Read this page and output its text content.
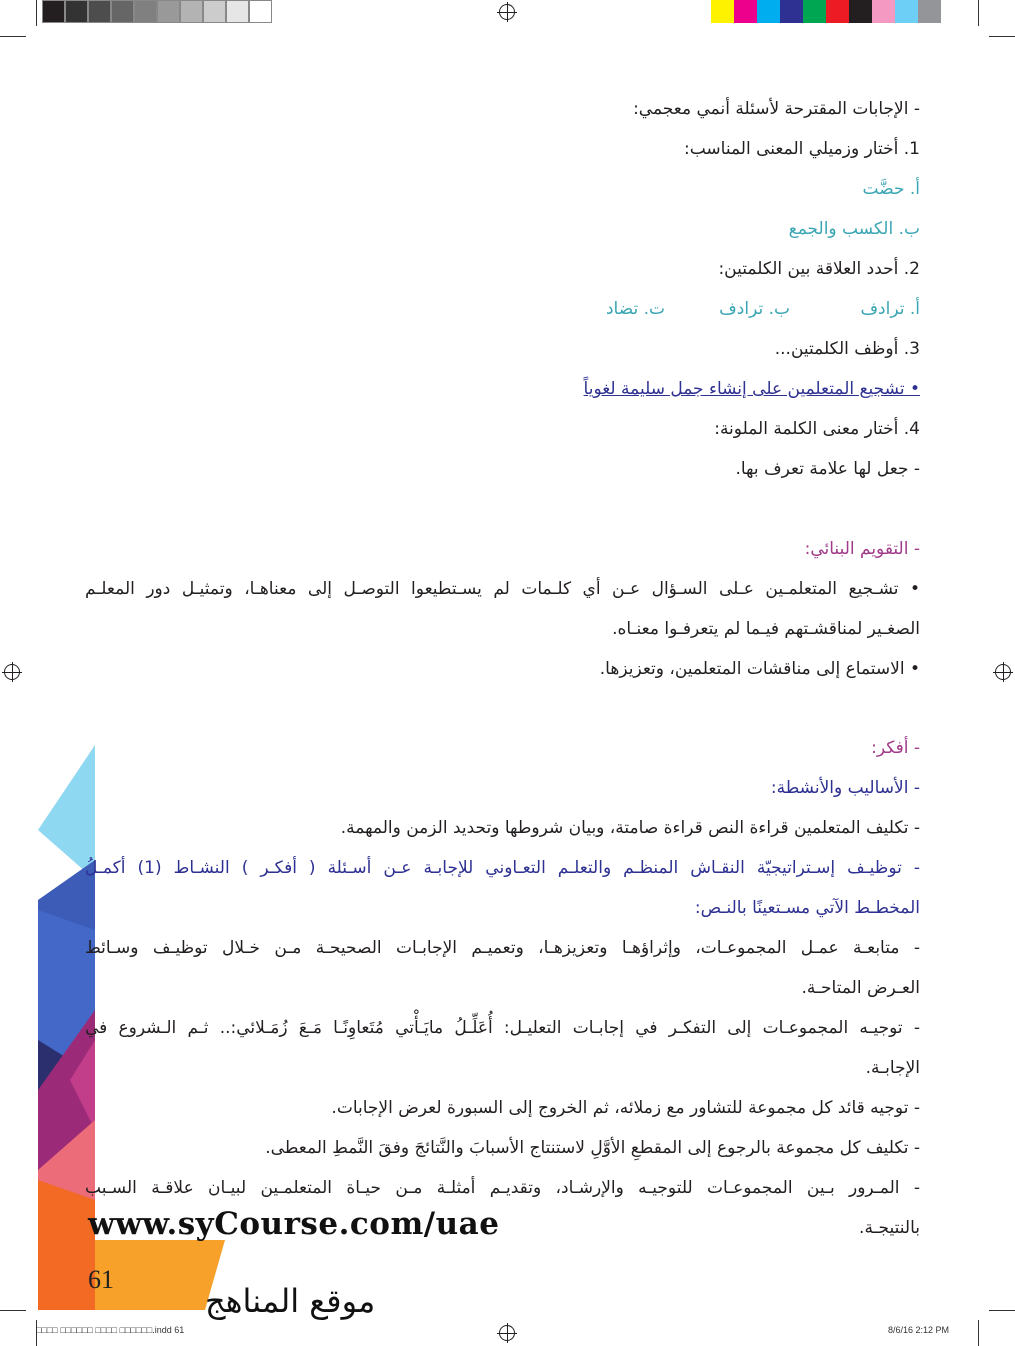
- الإجابات المقترحة لأسئلة أنمي معجمي:
1. أختار وزميلي المعنى المناسب:
أ. حضَّت
ب. الكسب والجمع
2. أحدد العلاقة بين الكلمتين:
أ. ترادف
ب. ترادف
ت. تضاد
3. أوظف الكلمتين...
• تشجيع المتعلمين على إنشاء جمل سليمة لغوياً
4. أختار معنى الكلمة الملونة:
- جعل لها علامة تعرف بها.
- التقويم البنائي:
• تشـجيع المتعلمـين عـلى السـؤال عـن أي كلـمات لم يسـتطيعوا التوصـل إلى معناهـا، وتمثيـل دور المعلـم
الصغـير لمناقشـتهم فيـما لم يتعرفـوا معنـاه.
• الاستماع إلى مناقشات المتعلمين، وتعزيزها.
- أفكر:
- الأساليب والأنشطة:
- تكليف المتعلمين قراءة النص قراءة صامتة، وبيان شروطها وتحديد الزمن والمهمة.
- توظيـف إسـتراتيجيّة النقـاش المنظـم والتعلـم التعـاوني للإجابـة عـن أسـئلة ( أفكـر ) النشـاط (1) أكمـلُ
المخطـط الآتي مسـتعينًا بالنـص:
- متابعـة عمـل المجموعـات، وإثراؤهـا وتعزيزهـا، وتعميـم الإجابـات الصحيحـة مـن خـلال توظيـف وسـائط
العـرض المتاحـة.
- توجيـه المجموعـات إلى التفكـر في إجابـات التعليـل: أُعَلِّـلُ مايَـأْتي مُتَعاوِنًـا مَـعَ زُمَـلائي:.. ثـم الـشروع في
الإجابـة.
- توجيه قائد كل مجموعة للتشاور مع زملائه، ثم الخروج إلى السبورة لعرض الإجابات.
- تكليف كل مجموعة بالرجوع إلى المقطعِ الأوَّلِ لاستنتاج الأسبابَ والنَّتائجَ وفقَ النَّمطِ المعطى.
- المـرور بـين المجموعـات للتوجيـه والإرشـاد، وتقديـم أمثلـة مـن حيـاة المتعلمـين لبيـان علاقـة السـبب
بالنتيجـة.
www.syCourse.com/uae
61
موقع المناهج
□□□□ □□□□□□ □□□□ □□□□□□.indd 61	8/6/16 2:12 PM
